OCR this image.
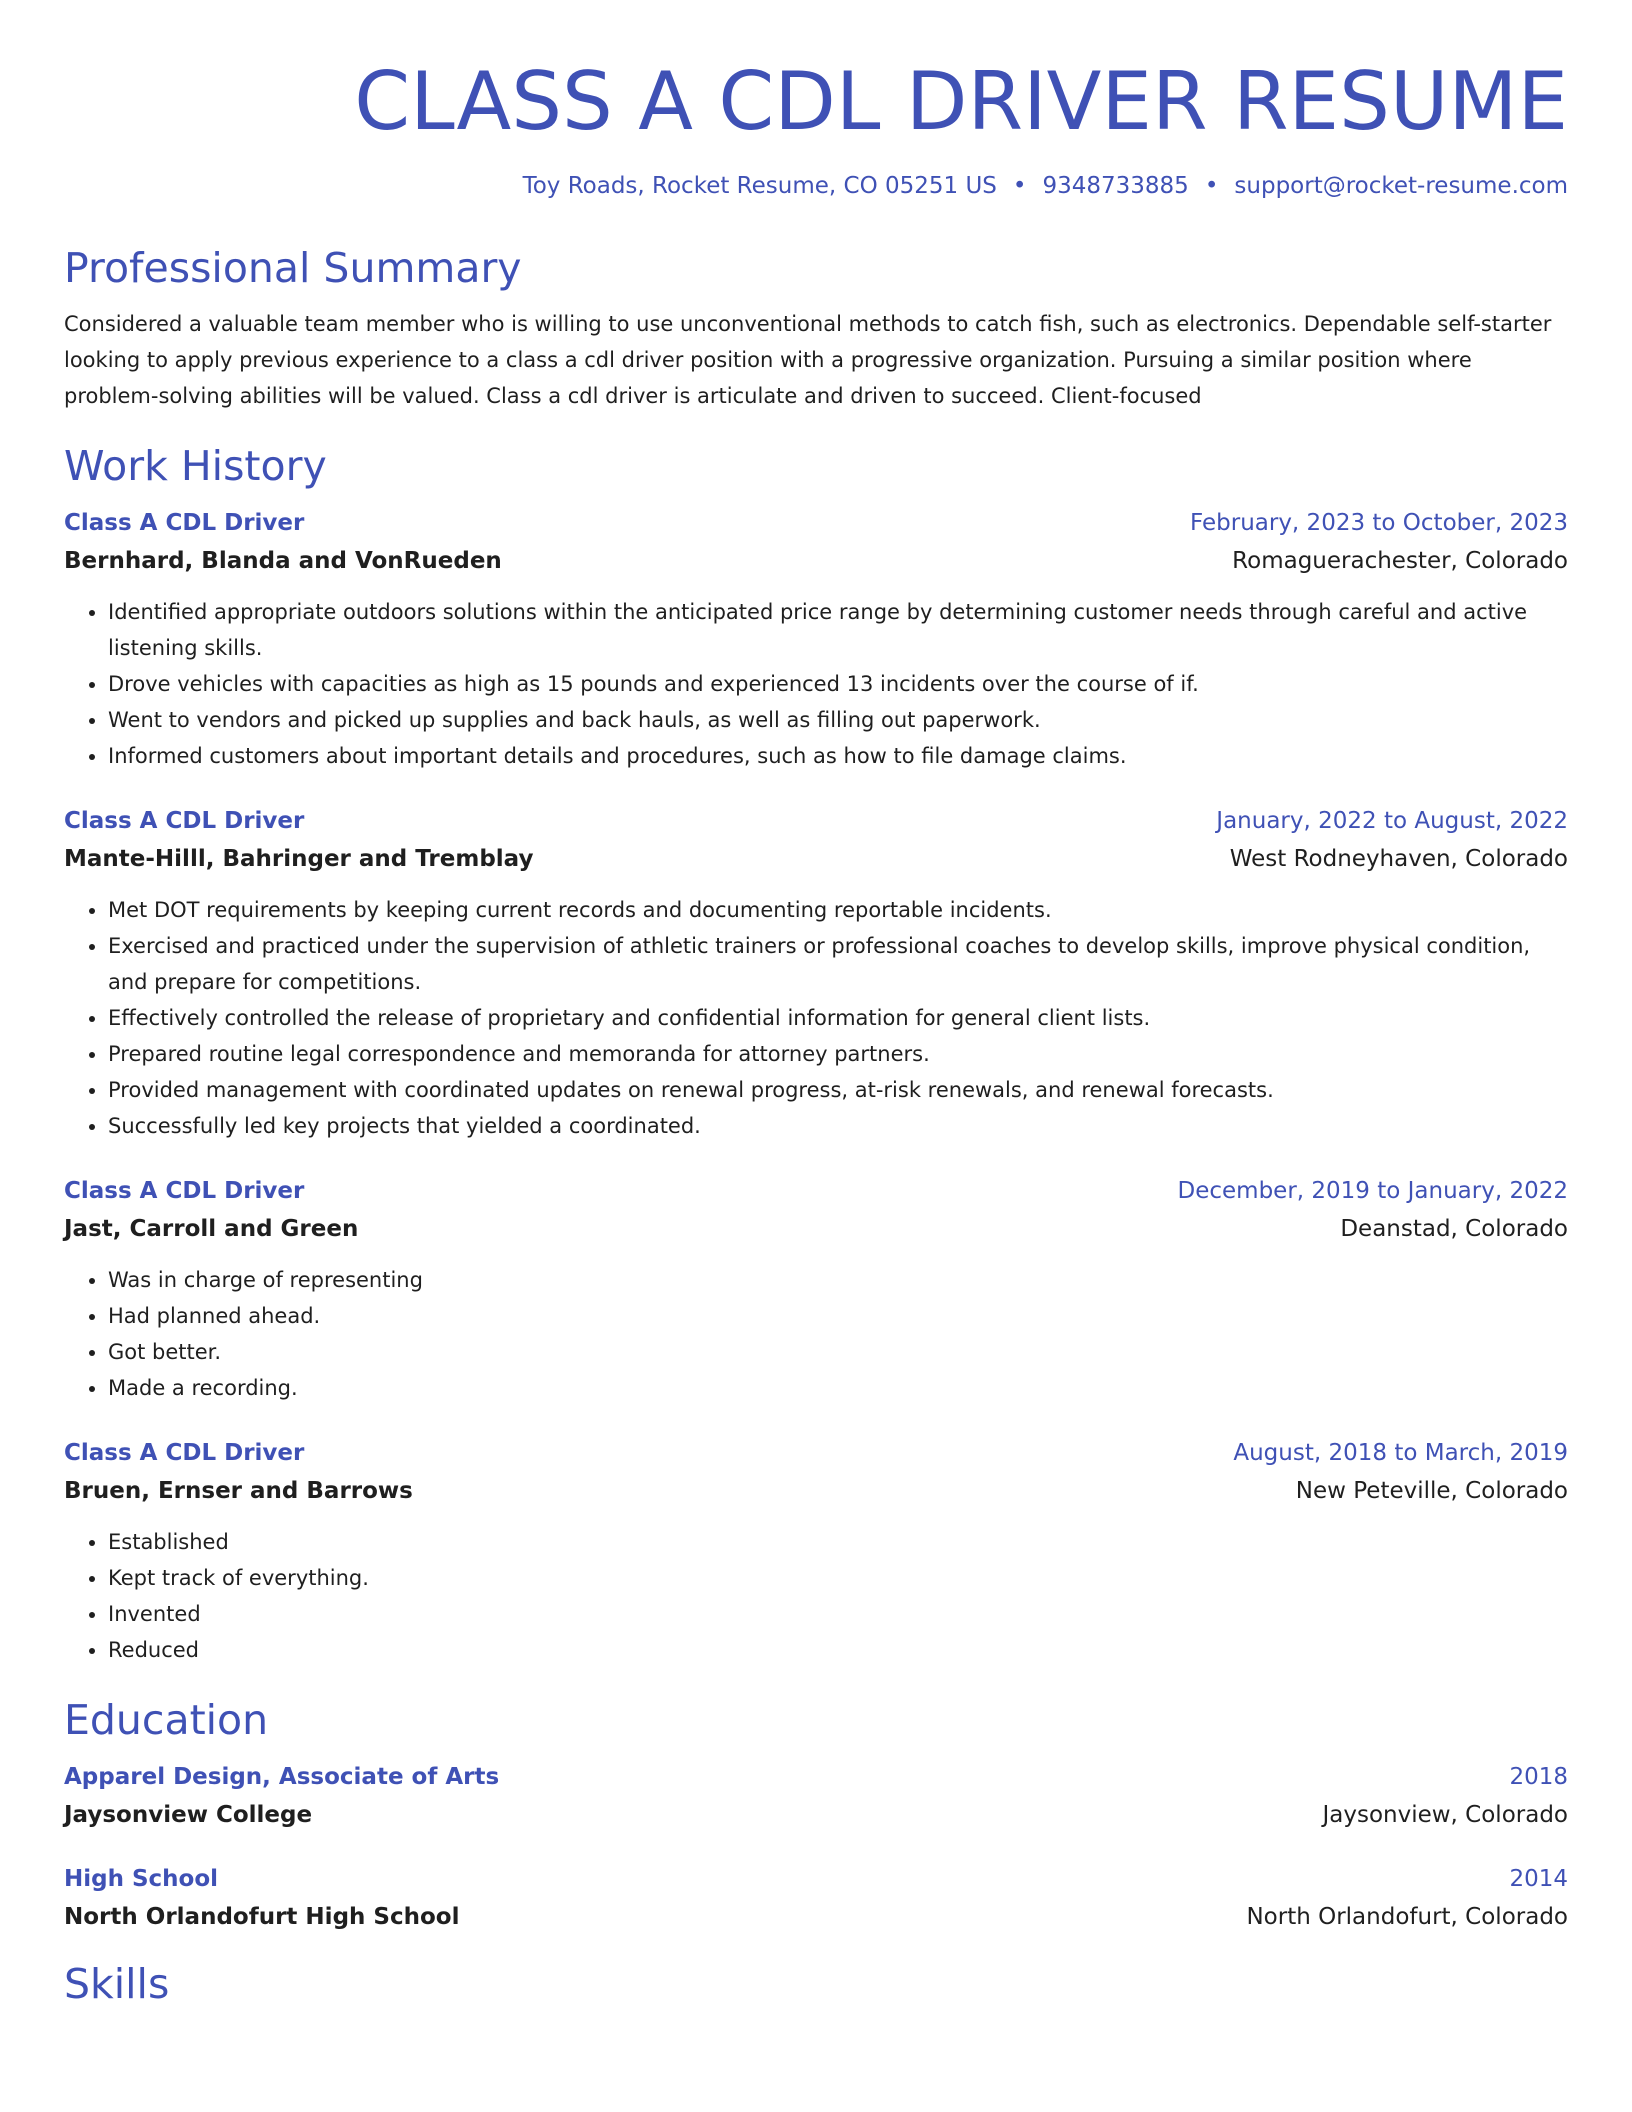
CLASS A CDL DRIVER RESUME
Toy Roads, Rocket Resume, CO 05251 US • 9348733885 • support@rocket-resume.com
Professional Summary
Considered a valuable team member who is willing to use unconventional methods to catch fish, such as electronics. Dependable self-starter looking to apply previous experience to a class a cdl driver position with a progressive organization. Pursuing a similar position where problem-solving abilities will be valued. Class a cdl driver is articulate and driven to succeed. Client-focused
Work History
Class A CDL Driver	February, 2023 to October, 2023
Bernhard, Blanda and VonRueden	Romaguerachester, Colorado
• Identified appropriate outdoors solutions within the anticipated price range by determining customer needs through careful and active listening skills.
• Drove vehicles with capacities as high as 15 pounds and experienced 13 incidents over the course of if.
• Went to vendors and picked up supplies and back hauls, as well as filling out paperwork.
• Informed customers about important details and procedures, such as how to file damage claims.
Class A CDL Driver	January, 2022 to August, 2022
Mante-Hilll, Bahringer and Tremblay	West Rodneyhaven, Colorado
• Met DOT requirements by keeping current records and documenting reportable incidents.
• Exercised and practiced under the supervision of athletic trainers or professional coaches to develop skills, improve physical condition, and prepare for competitions.
• Effectively controlled the release of proprietary and confidential information for general client lists.
• Prepared routine legal correspondence and memoranda for attorney partners.
• Provided management with coordinated updates on renewal progress, at-risk renewals, and renewal forecasts.
• Successfully led key projects that yielded a coordinated.
Class A CDL Driver	December, 2019 to January, 2022
Jast, Carroll and Green	Deanstad, Colorado
• Was in charge of representing
• Had planned ahead.
• Got better.
• Made a recording.
Class A CDL Driver	August, 2018 to March, 2019
Bruen, Ernser and Barrows	New Peteville, Colorado
• Established
• Kept track of everything.
• Invented
• Reduced
Education
Apparel Design, Associate of Arts	2018
Jaysonview College	Jaysonview, Colorado
High School	2014
North Orlandofurt High School	North Orlandofurt, Colorado
Skills
